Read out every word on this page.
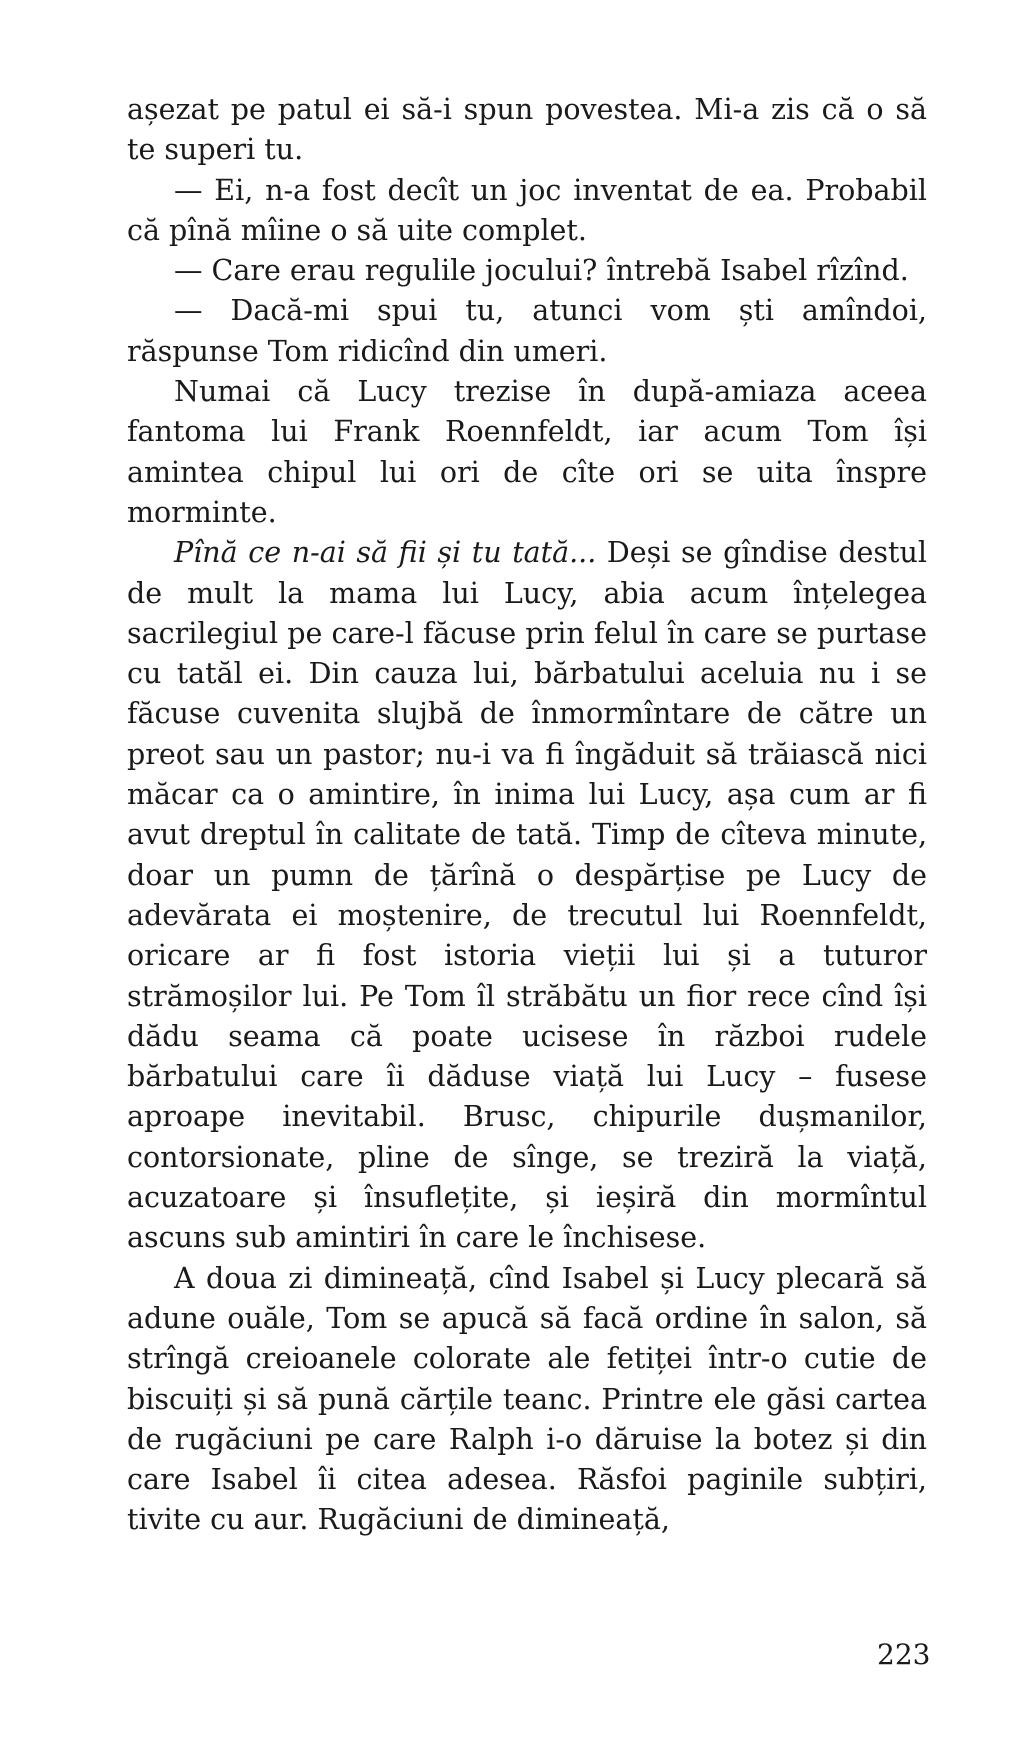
așezat pe patul ei să-i spun povestea. Mi-a zis că o să te superi tu.

— Ei, n-a fost decît un joc inventat de ea. Probabil că pînă mîine o să uite complet.

— Care erau regulile jocului? întrebă Isabel rîzînd.

— Dacă-mi spui tu, atunci vom ști amîndoi, răspunse Tom ridicînd din umeri.

Numai că Lucy trezise în după-amiaza aceea fantoma lui Frank Roennfeldt, iar acum Tom își amintea chipul lui ori de cîte ori se uita înspre morminte.

Pînă ce n-ai să fii și tu tată... Deși se gîndise destul de mult la mama lui Lucy, abia acum înțelegea sacrilegiul pe care-l făcuse prin felul în care se purtase cu tatăl ei. Din cauza lui, bărbatului aceluia nu i se făcuse cuvenita slujbă de înmormîntare de către un preot sau un pastor; nu-i va fi îngăduit să trăiască nici măcar ca o amintire, în inima lui Lucy, așa cum ar fi avut dreptul în calitate de tată. Timp de cîteva minute, doar un pumn de țărînă o despărțise pe Lucy de adevărata ei moștenire, de trecutul lui Roennfeldt, oricare ar fi fost istoria vieții lui și a tuturor strămoșilor lui. Pe Tom îl străbătu un fior rece cînd își dădu seama că poate ucisese în război rudele bărbatului care îi dăduse viață lui Lucy – fusese aproape inevitabil. Brusc, chipurile dușmanilor, contorsionate, pline de sînge, se treziră la viață, acuzatoare și însuflețite, și ieșiră din mormîntul ascuns sub amintiri în care le închisese.

A doua zi dimineață, cînd Isabel și Lucy plecară să adune ouăle, Tom se apucă să facă ordine în salon, să strîngă creioanele colorate ale fetiței într-o cutie de biscuiți și să pună cărțile teanc. Printre ele găsi cartea de rugăciuni pe care Ralph i-o dăruise la botez și din care Isabel îi citea adesea. Răsfoi paginile subțiri, tivite cu aur. Rugăciuni de dimineață,

223
